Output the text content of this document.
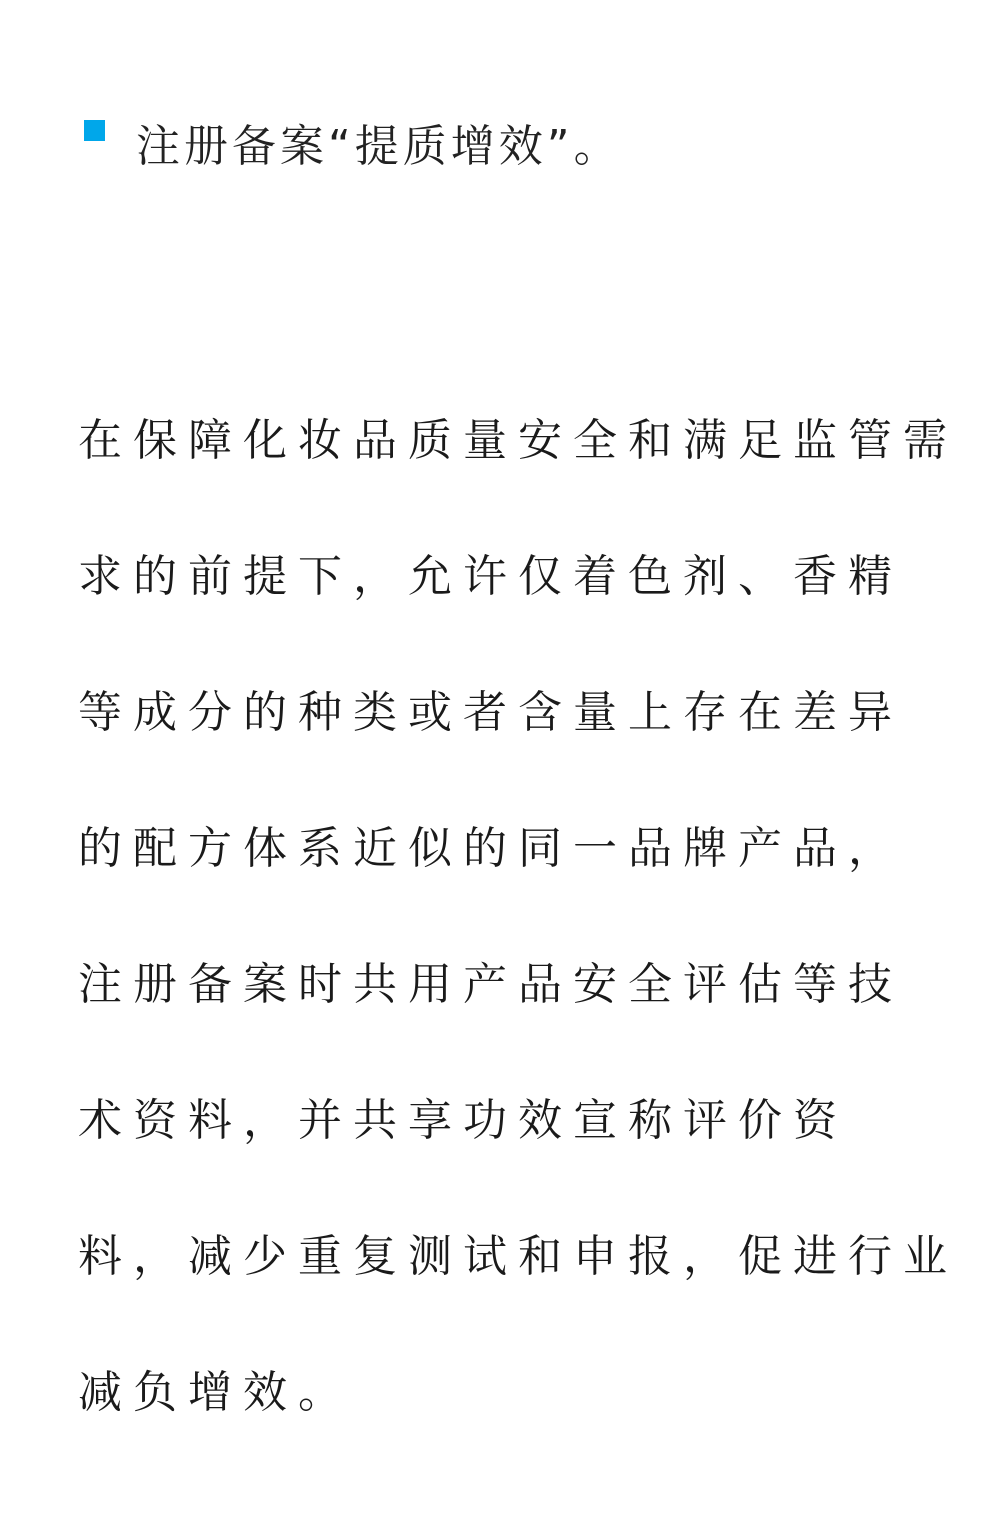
注册备案“提质增效”。
在保障化妆品质量安全和满足监管需
求的前提下，允许仅着色剂、香精
等成分的种类或者含量上存在差异
的配方体系近似的同一品牌产品，
注册备案时共用产品安全评估等技
术资料，并共享功效宣称评价资
料，减少重复测试和申报，促进行业
减负增效。
